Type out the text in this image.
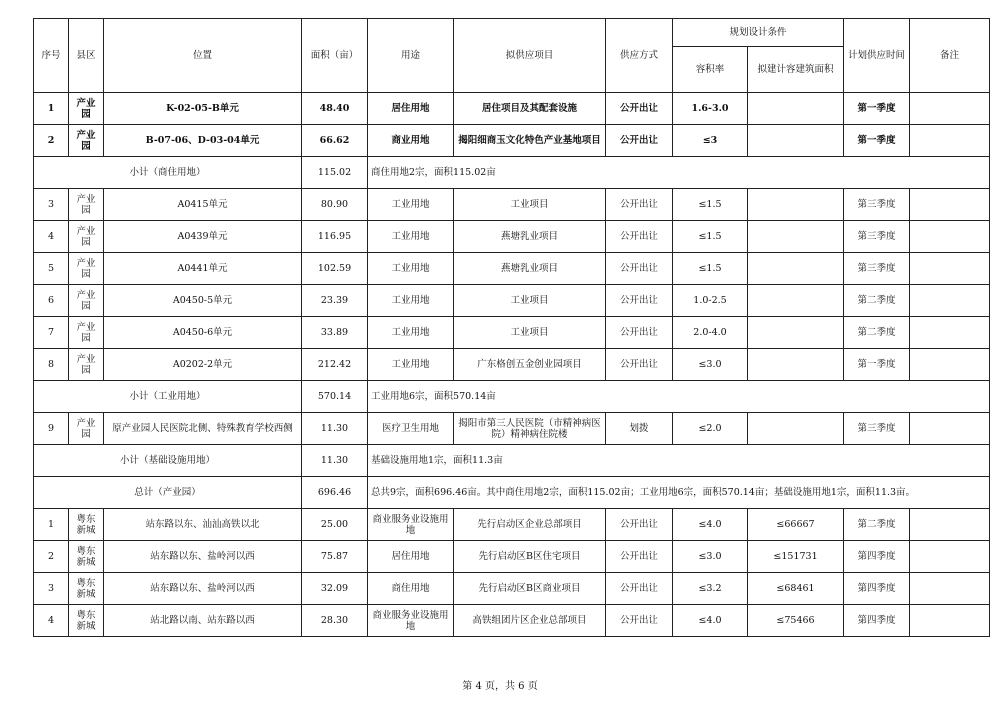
序号	县区	位置	面积（亩）	用途	拟供应项目	供应方式	规划设计条件		计划供应时间	备注
							容积率	拟建计容建筑面积		
1	产业园	K-02-05-B单元	48.40	居住用地	居住项目及其配套设施	公开出让	1.6-3.0		第一季度	
2	产业园	B-07-06、D-03-04单元	66.62	商业用地	揭阳细商玉文化特色产业基地项目	公开出让	≤3		第一季度	
小计（商住用地）			115.02	商住用地2宗，面积115.02亩						
3	产业园	A0415单元	80.90	工业用地	工业项目	公开出让	≤1.5		第三季度	
4	产业园	A0439单元	116.95	工业用地	燕塘乳业项目	公开出让	≤1.5		第三季度	
5	产业园	A0441单元	102.59	工业用地	燕塘乳业项目	公开出让	≤1.5		第三季度	
6	产业园	A0450-5单元	23.39	工业用地	工业项目	公开出让	1.0-2.5		第二季度	
7	产业园	A0450-6单元	33.89	工业用地	工业项目	公开出让	2.0-4.0		第二季度	
8	产业园	A0202-2单元	212.42	工业用地	广东格创五金创业园项目	公开出让	≤3.0		第一季度	
小计（工业用地）			570.14	工业用地6宗，面积570.14亩						
9	产业园	原产业园人民医院北侧、特殊教育学校西侧	11.30	医疗卫生用地	揭阳市第三人民医院（市精神病医院）精神病住院楼	划拨	≤2.0		第三季度	
小计（基础设施用地）			11.30	基础设施用地1宗，面积11.3亩						
总计（产业园）			696.46	总共9宗，面积696.46亩。其中商住用地2宗，面积115.02亩；工业用地6宗，面积570.14亩；基础设施用地1宗，面积11.3亩。						
1	粤东新城	站东路以东、汕汕高铁以北	25.00	商业服务业设施用地	先行启动区企业总部项目	公开出让	≤4.0	≤66667	第二季度	
2	粤东新城	站东路以东、盐岭河以西	75.87	居住用地	先行启动区B区住宅项目	公开出让	≤3.0	≤151731	第四季度	
3	粤东新城	站东路以东、盐岭河以西	32.09	商住用地	先行启动区B区商业项目	公开出让	≤3.2	≤68461	第四季度	
4	粤东新城	站北路以南、站东路以西	28.30	商业服务业设施用地	高铁组团片区企业总部项目	公开出让	≤4.0	≤75466	第四季度	
第 4 页，共 6 页
